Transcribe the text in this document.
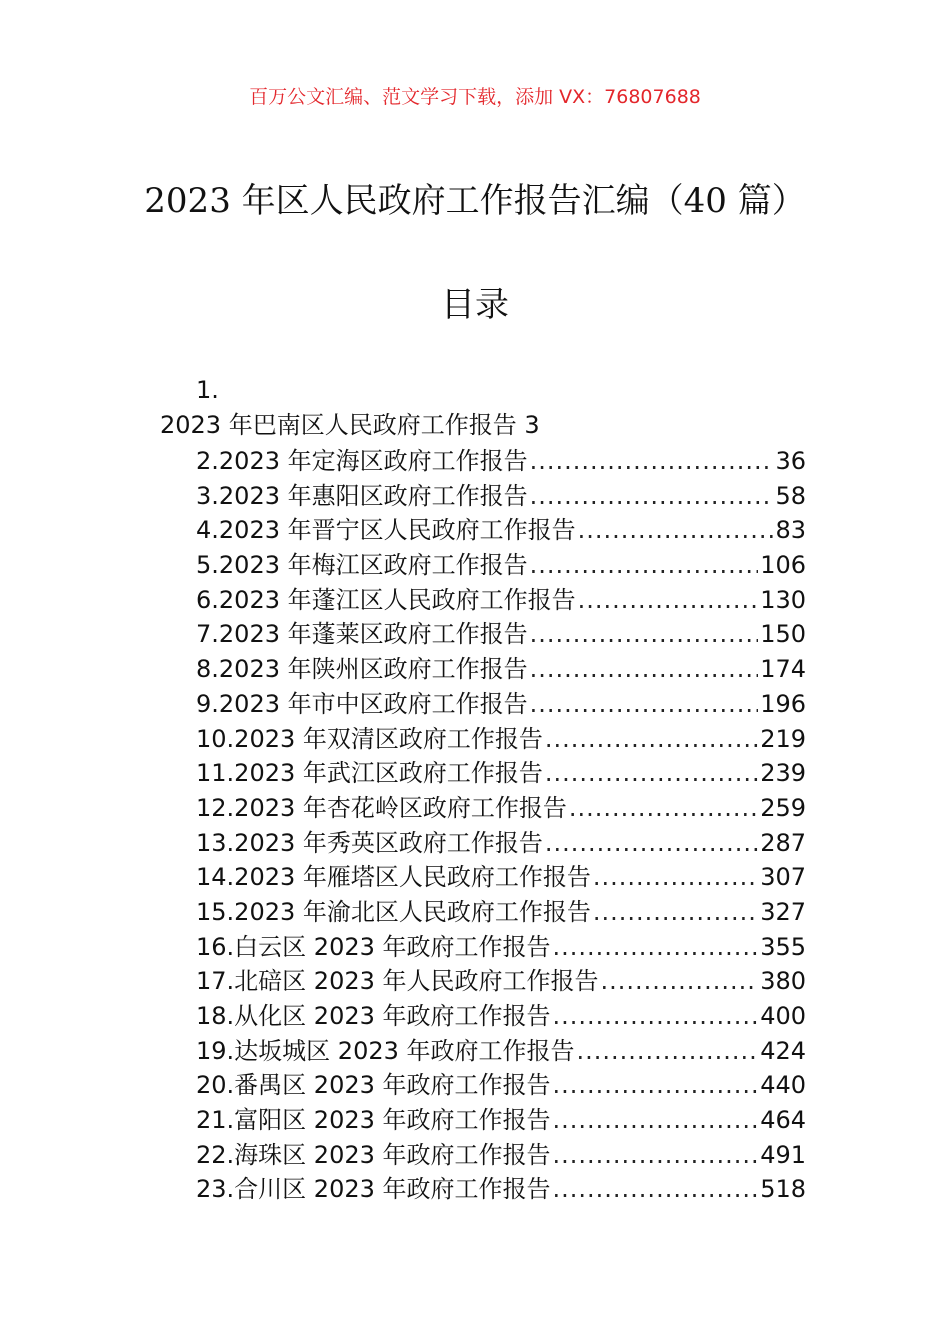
百万公文汇编、范文学习下载，添加 VX：76807688
2023 年区人民政府工作报告汇编（40 篇）
目录
1.
2023 年巴南区人民政府工作报告 3
2.2023 年定海区政府工作报告 .....	36
3.2023 年惠阳区政府工作报告 .....	58
4.2023 年晋宁区人民政府工作报告 .....	83
5.2023 年梅江区政府工作报告 .....	106
6.2023 年蓬江区人民政府工作报告 .....	130
7.2023 年蓬莱区政府工作报告 .....	150
8.2023 年陕州区政府工作报告 .....	174
9.2023 年市中区政府工作报告 .....	196
10.2023 年双清区政府工作报告 .....	219
11.2023 年武江区政府工作报告 .....	239
12.2023 年杏花岭区政府工作报告 .....	259
13.2023 年秀英区政府工作报告 .....	287
14.2023 年雁塔区人民政府工作报告 .....	307
15.2023 年渝北区人民政府工作报告 .....	327
16.白云区 2023 年政府工作报告 .....	355
17.北碚区 2023 年人民政府工作报告 .....	380
18.从化区 2023 年政府工作报告 .....	400
19.达坂城区 2023 年政府工作报告 .....	424
20.番禺区 2023 年政府工作报告 .....	440
21.富阳区 2023 年政府工作报告 .....	464
22.海珠区 2023 年政府工作报告 .....	491
23.合川区 2023 年政府工作报告 .....	518
